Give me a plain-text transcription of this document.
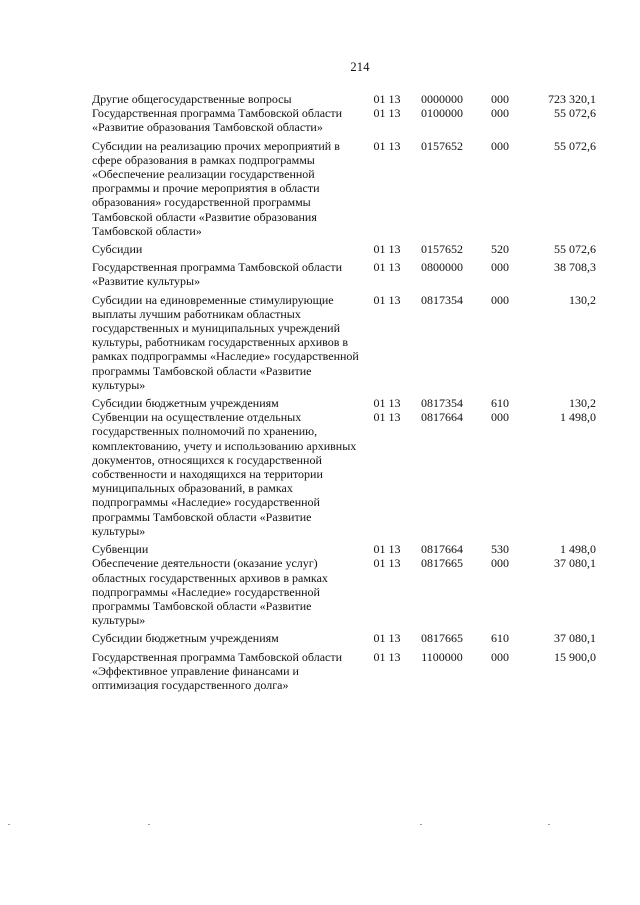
214
Другие общегосударственные вопросы	01 13	0000000	000	723 320,1
Государственная программа Тамбовской области «Развитие образования Тамбовской области»	01 13	0100000	000	55 072,6
Субсидии на реализацию прочих мероприятий в сфере образования в рамках подпрограммы «Обеспечение реализации государственной программы и прочие мероприятия в области образования» государственной программы Тамбовской области «Развитие образования Тамбовской области»	01 13	0157652	000	55 072,6
Субсидии	01 13	0157652	520	55 072,6
Государственная программа Тамбовской области «Развитие культуры»	01 13	0800000	000	38 708,3
Субсидии на единовременные стимулирующие выплаты лучшим работникам областных государственных и муниципальных учреждений культуры, работникам государственных архивов в рамках подпрограммы «Наследие» государственной программы Тамбовской области «Развитие культуры»	01 13	0817354	000	130,2
Субсидии бюджетным учреждениям	01 13	0817354	610	130,2
Субвенции на осуществление отдельных государственных полномочий по хранению, комплектованию, учету и использованию архивных документов, относящихся к государственной собственности и находящихся на территории муниципальных образований, в рамках подпрограммы «Наследие» государственной программы Тамбовской области «Развитие культуры»	01 13	0817664	000	1 498,0
Субвенции	01 13	0817664	530	1 498,0
Обеспечение деятельности (оказание услуг) областных государственных архивов в рамках подпрограммы «Наследие» государственной программы Тамбовской области «Развитие культуры»	01 13	0817665	000	37 080,1
Субсидии бюджетным учреждениям	01 13	0817665	610	37 080,1
Государственная программа Тамбовской области «Эффективное управление финансами и оптимизация государственного долга»	01 13	1100000	000	15 900,0
